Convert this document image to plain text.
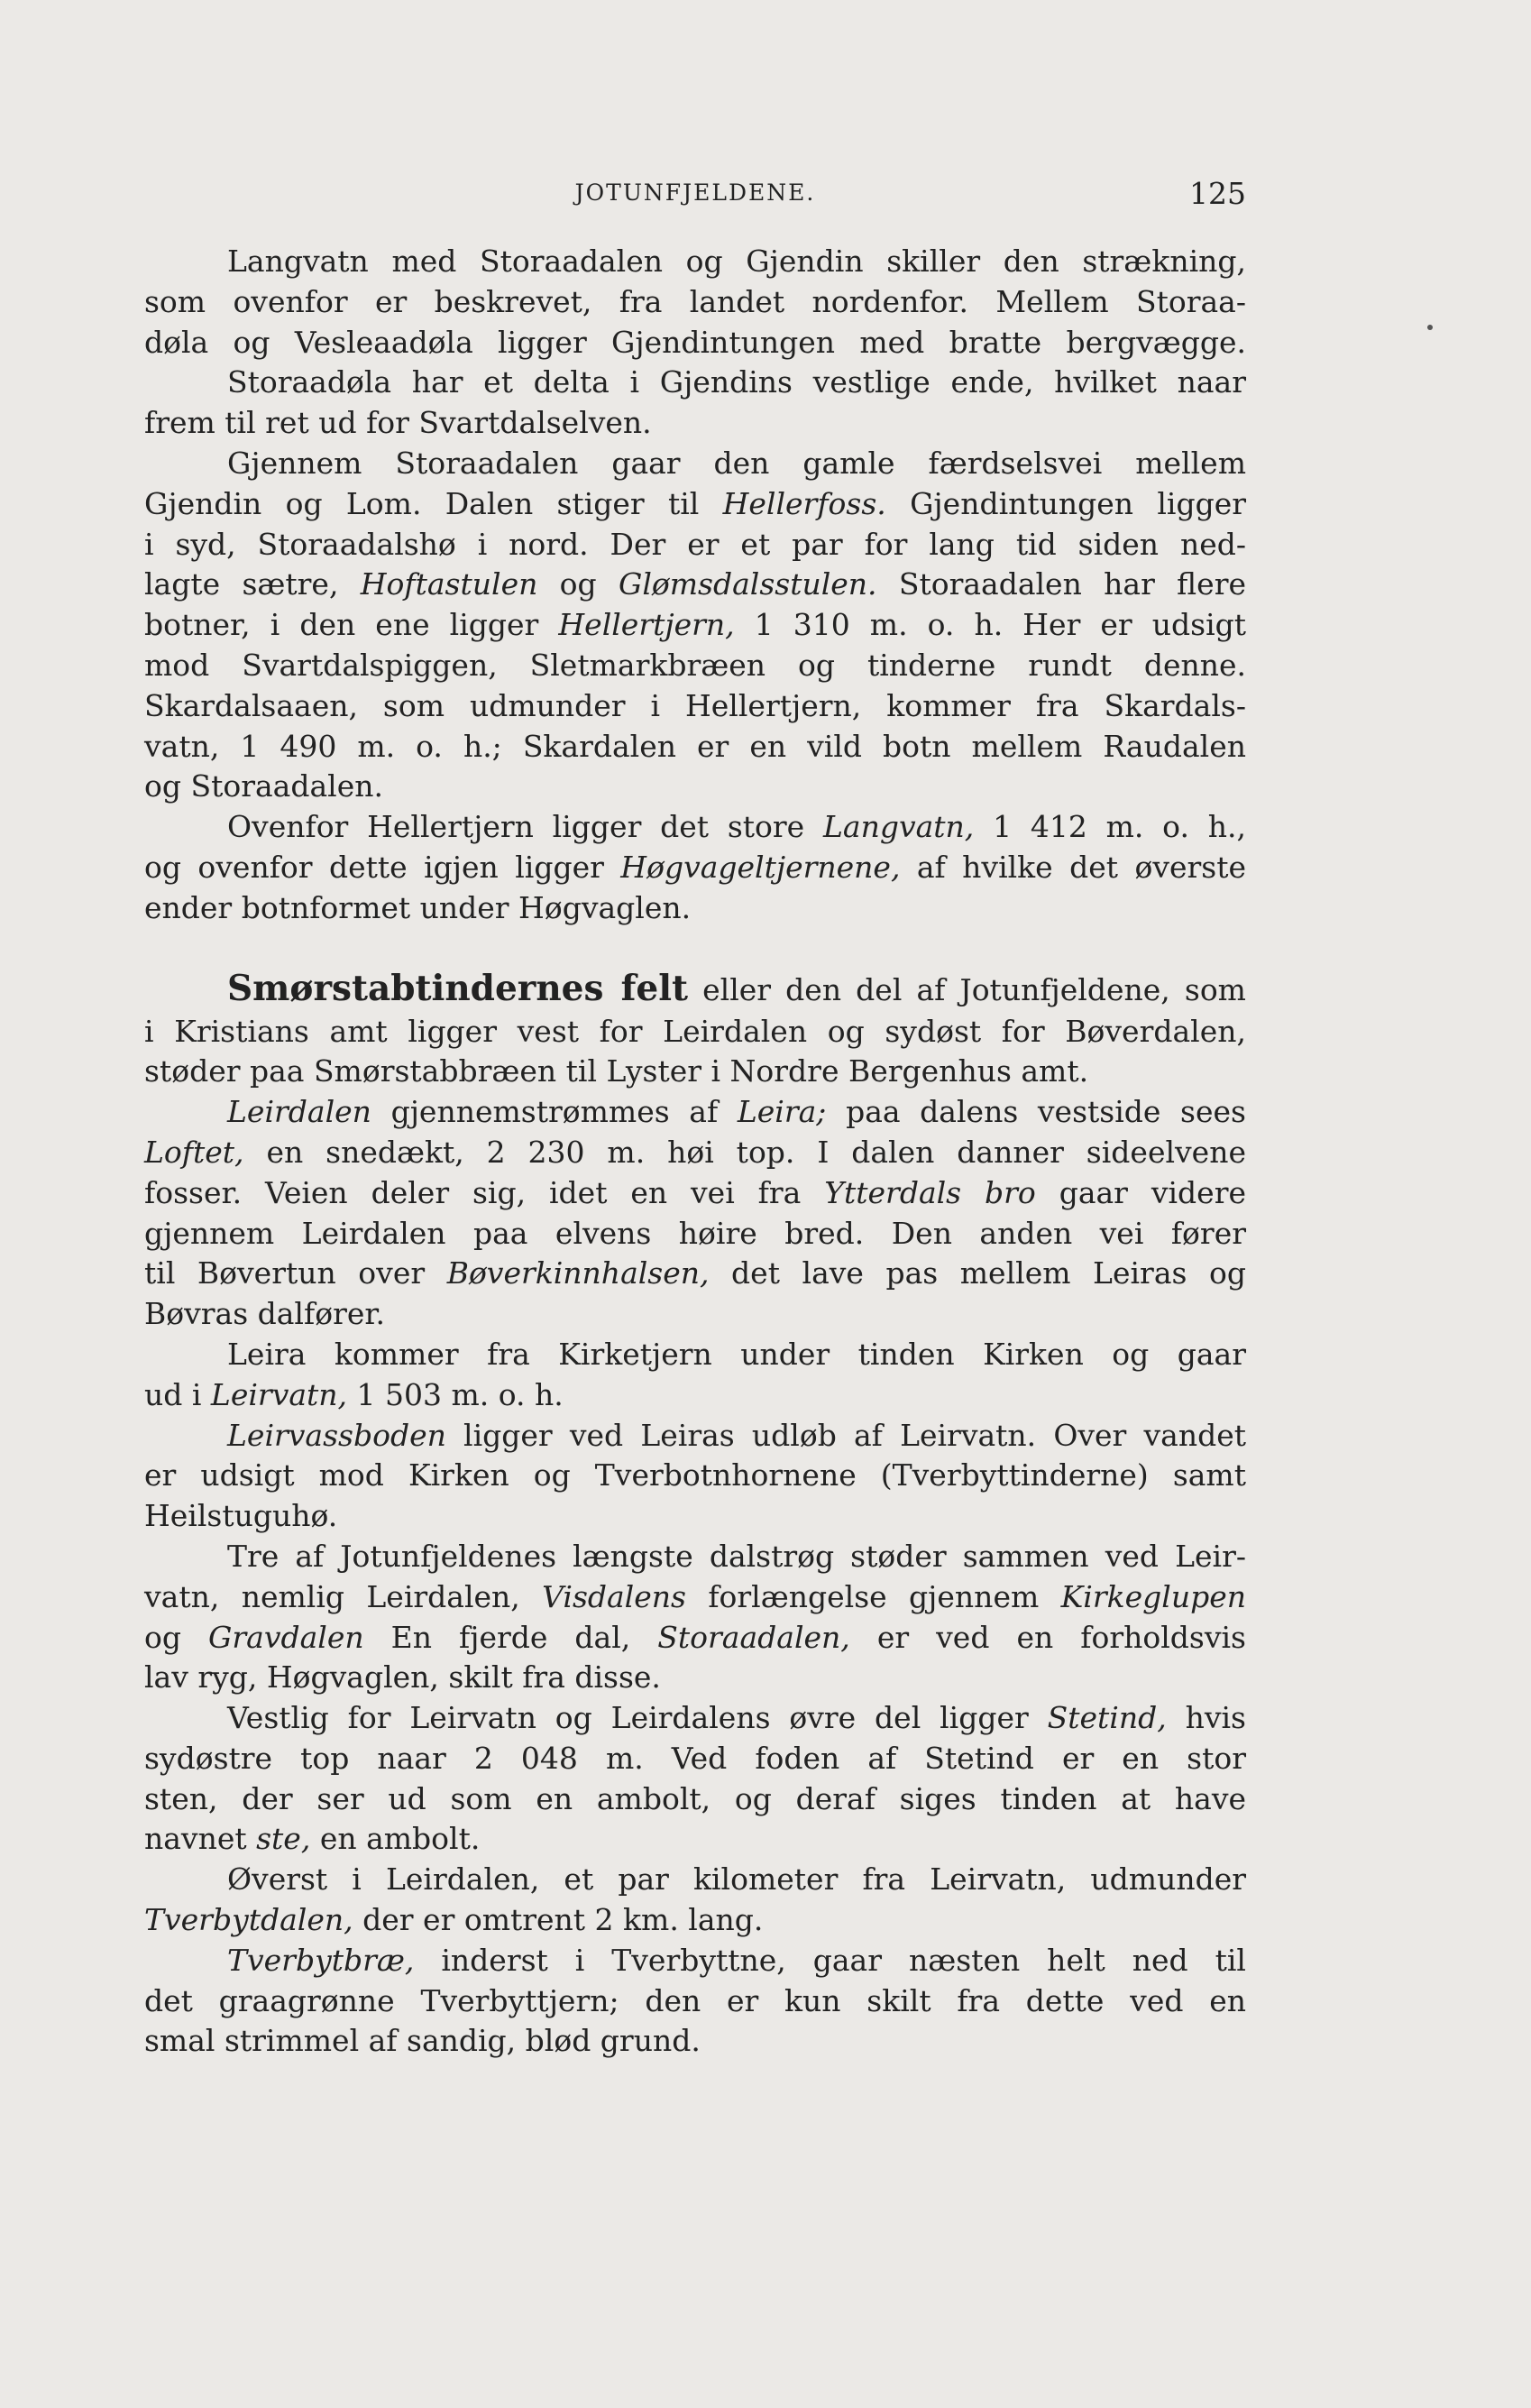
JOTUNFJELDENE.	125
Langvatn med Storaadalen og Gjendin skiller den strækning,
som ovenfor er beskrevet, fra landet nordenfor. Mellem Storaa-
døla og Vesleaadøla ligger Gjendintungen med bratte bergvægge.
Storaadøla har et delta i Gjendins vestlige ende, hvilket naar
frem til ret ud for Svartdalselven.
Gjennem Storaadalen gaar den gamle færdselsvei mellem
Gjendin og Lom. Dalen stiger til Hellerfoss. Gjendintungen ligger
i syd, Storaadalshø i nord. Der er et par for lang tid siden ned-
lagte sætre, Hoftastulen og Glømsdalsstulen. Storaadalen har flere
botner, i den ene ligger Hellertjern, 1 310 m. o. h. Her er udsigt
mod Svartdalspiggen, Sletmarkbræen og tinderne rundt denne.
Skardalsaaen, som udmunder i Hellertjern, kommer fra Skardals-
vatn, 1 490 m. o. h.; Skardalen er en vild botn mellem Raudalen
og Storaadalen.
Ovenfor Hellertjern ligger det store Langvatn, 1 412 m. o. h.,
og ovenfor dette igjen ligger Høgvageltjernene, af hvilke det øverste
ender botnformet under Høgvaglen.
Smørstabtindernes felt eller den del af Jotunfjeldene, som
i Kristians amt ligger vest for Leirdalen og sydøst for Bøverdalen,
støder paa Smørstabbræen til Lyster i Nordre Bergenhus amt.
Leirdalen gjennemstrømmes af Leira; paa dalens vestside sees
Loftet, en snedækt, 2 230 m. høi top. I dalen danner sideelvene
fosser. Veien deler sig, idet en vei fra Ytterdals bro gaar videre
gjennem Leirdalen paa elvens høire bred. Den anden vei fører
til Bøvertun over Bøverkinnhalsen, det lave pas mellem Leiras og
Bøvras dalfører.
Leira kommer fra Kirketjern under tinden Kirken og gaar
ud i Leirvatn, 1 503 m. o. h.
Leirvassboden ligger ved Leiras udløb af Leirvatn. Over vandet
er udsigt mod Kirken og Tverbotnhornene (Tverbyttinderne) samt
Heilstuguhø.
Tre af Jotunfjeldenes længste dalstrøg støder sammen ved Leir-
vatn, nemlig Leirdalen, Visdalens forlængelse gjennem Kirkeglupen
og Gravdalen En fjerde dal, Storaadalen, er ved en forholdsvis
lav ryg, Høgvaglen, skilt fra disse.
Vestlig for Leirvatn og Leirdalens øvre del ligger Stetind, hvis
sydøstre top naar 2 048 m. Ved foden af Stetind er en stor
sten, der ser ud som en ambolt, og deraf siges tinden at have
navnet ste, en ambolt.
Øverst i Leirdalen, et par kilometer fra Leirvatn, udmunder
Tverbytdalen, der er omtrent 2 km. lang.
Tverbytbræ, inderst i Tverbyttne, gaar næsten helt ned til
det graagrønne Tverbyttjern; den er kun skilt fra dette ved en
smal strimmel af sandig, blød grund.
